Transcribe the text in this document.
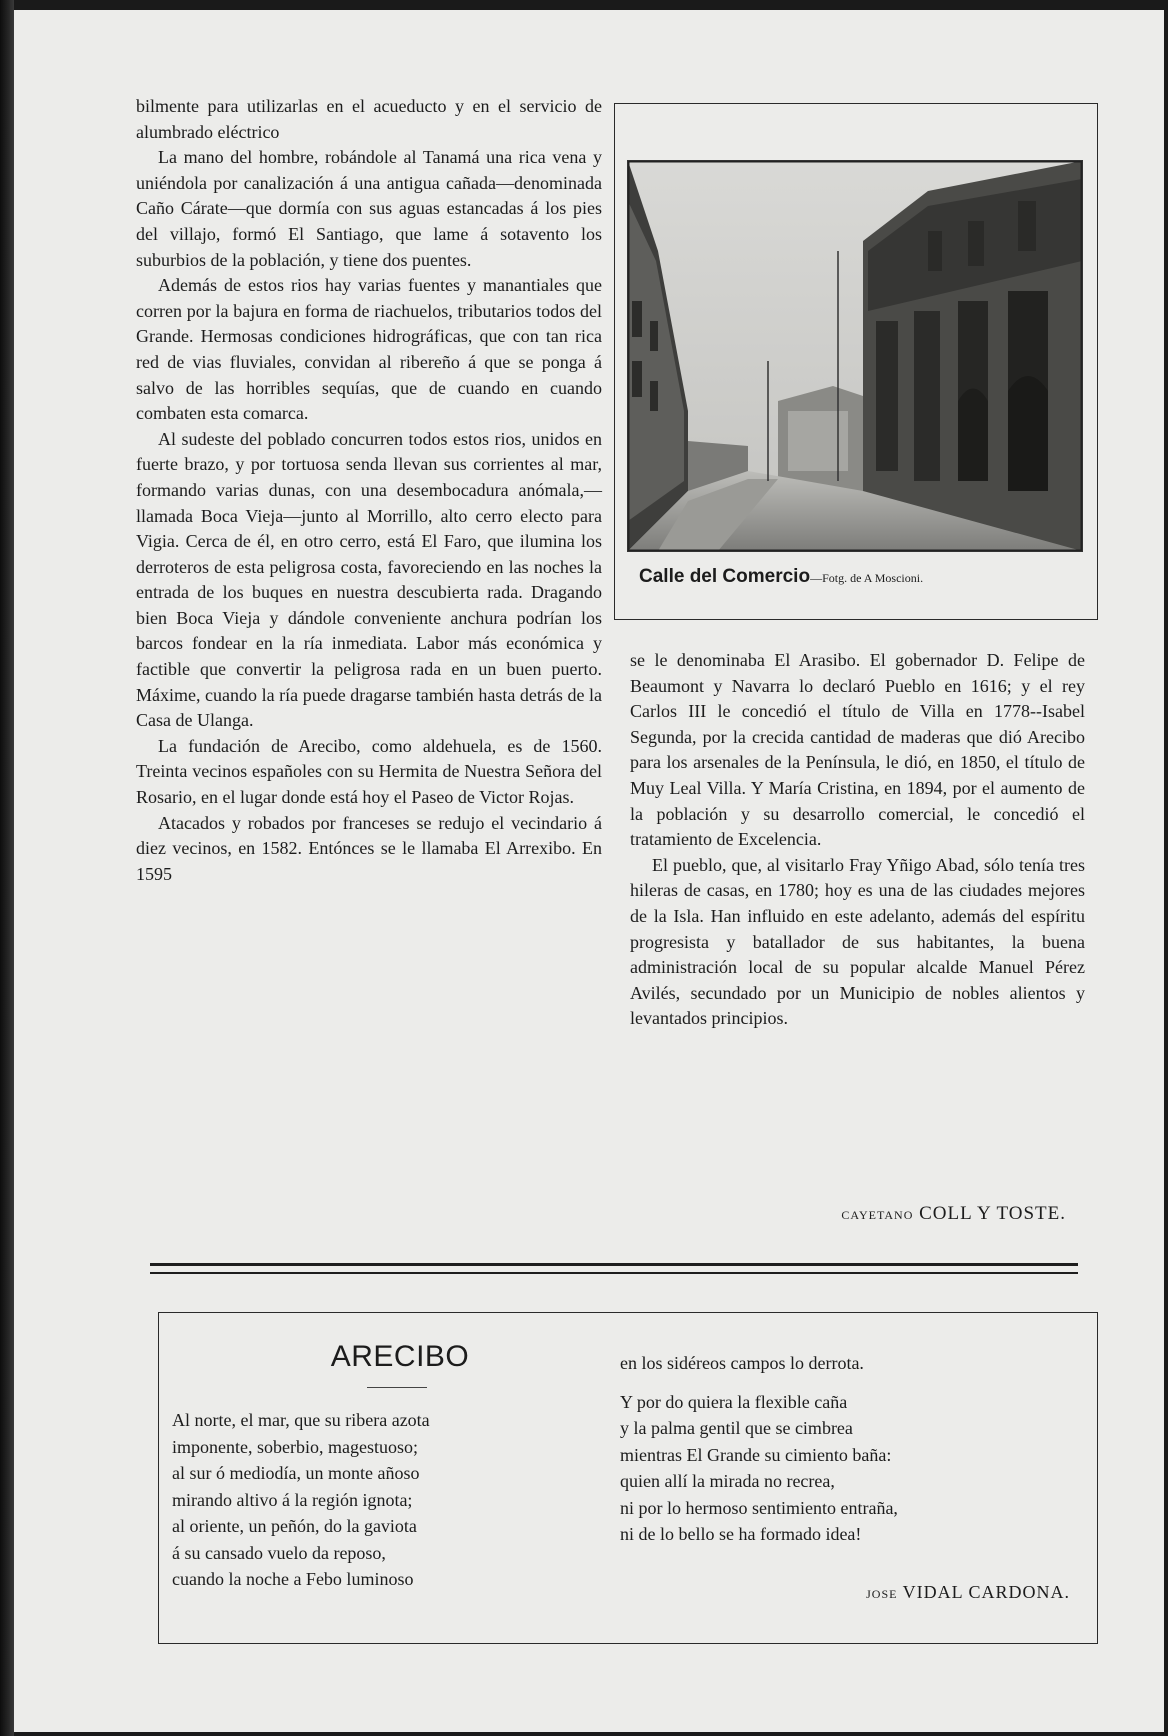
bilmente para utilizarlas en el acueducto y en el servicio de alumbrado eléctrico

La mano del hombre, robándole al Tanamá una rica vena y uniéndola por canalización á una antigua cañada—denominada Caño Cárate—que dormía con sus aguas estancadas á los pies del villajo, formó El Santiago, que lame á sotavento los suburbios de la población, y tiene dos puentes.

Además de estos rios hay varias fuentes y manantiales que corren por la bajura en forma de riachuelos, tributarios todos del Grande. Hermosas condiciones hidrográficas, que con tan rica red de vias fluviales, convidan al ribereño á que se ponga á salvo de las horribles sequías, que de cuando en cuando combaten esta comarca.

Al sudeste del poblado concurren todos estos rios, unidos en fuerte brazo, y por tortuosa senda llevan sus corrientes al mar, formando varias dunas, con una desembocadura anómala,—llamada Boca Vieja—junto al Morrillo, alto cerro electo para Vigia. Cerca de él, en otro cerro, está El Faro, que ilumina los derroteros de esta peligrosa costa, favoreciendo en las noches la entrada de los buques en nuestra descubierta rada. Dragando bien Boca Vieja y dándole conveniente anchura podrían los barcos fondear en la ría inmediata. Labor más económica y factible que convertir la peligrosa rada en un buen puerto. Máxime, cuando la ría puede dragarse también hasta detrás de la Casa de Ulanga.

La fundación de Arecibo, como aldehuela, es de 1560. Treinta vecinos españoles con su Hermita de Nuestra Señora del Rosario, en el lugar donde está hoy el Paseo de Victor Rojas.

Atacados y robados por franceses se redujo el vecindario á diez vecinos, en 1582. Entónces se le llamaba El Arrexibo. En 1595

Calle del Comercio—Fotg. de A Moscioni.

se le denominaba El Arasibo. El gobernador D. Felipe de Beaumont y Navarra lo declaró Pueblo en 1616; y el rey Carlos III le concedió el título de Villa en 1778--Isabel Segunda, por la crecida cantidad de maderas que dió Arecibo para los arsenales de la Península, le dió, en 1850, el título de Muy Leal Villa. Y María Cristina, en 1894, por el aumento de la población y su desarrollo comercial, le concedió el tratamiento de Excelencia.

El pueblo, que, al visitarlo Fray Yñigo Abad, sólo tenía tres hileras de casas, en 1780; hoy es una de las ciudades mejores de la Isla. Han influido en este adelanto, además del espíritu progresista y batallador de sus habitantes, la buena administración local de su popular alcalde Manuel Pérez Avilés, secundado por un Municipio de nobles alientos y levantados principios.

CAYETANO COLL Y TOSTE.
ARECIBO
Al norte, el mar, que su ribera azota
imponente, soberbio, magestuoso;
al sur ó mediodía, un monte añoso
mirando altivo á la región ignota;
al oriente, un peñón, do la gaviota
á su cansado vuelo da reposo,
cuando la noche a Febo luminoso
en los sidéreos campos lo derrota.
Y por do quiera la flexible caña
y la palma gentil que se cimbrea
mientras El Grande su cimiento baña:
quien allí la mirada no recrea,
ni por lo hermoso sentimiento entraña,
ni de lo bello se ha formado idea!
JOSE VIDAL CARDONA.
